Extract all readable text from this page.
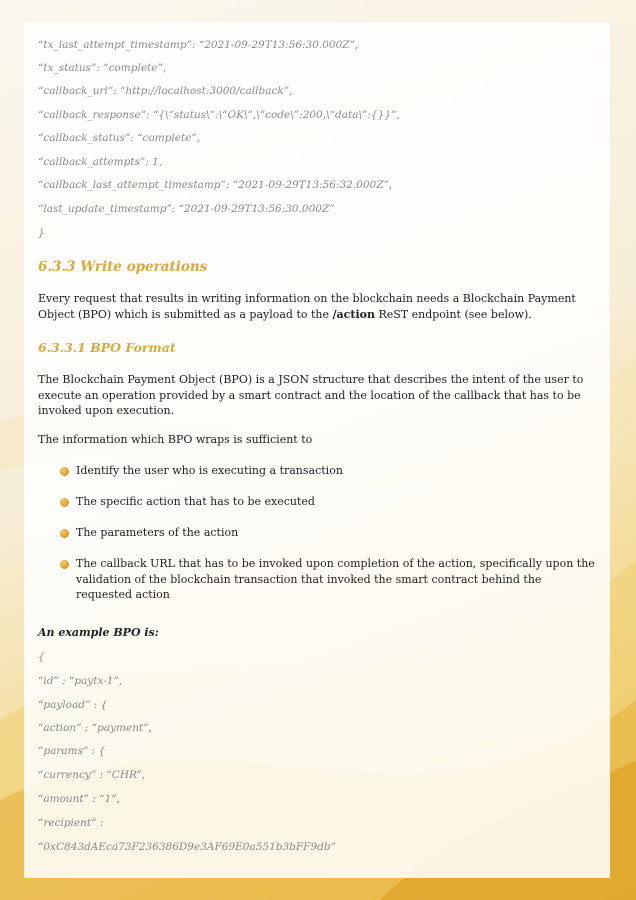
“tx_last_attempt_timestamp”: “2021-09-29T13:56:30.000Z”,

“tx_status”: “complete”,

“callback_url”: “http://localhost:3000/callback”,

“callback_response”: “{\“status\”:\“OK\”,\“code\”:200,\“data\”:{}}”,

“callback_status”: “complete”,

“callback_attempts”: 1,

“callback_last_attempt_timestamp”: “2021-09-29T13:56:32.000Z”,

“last_update_timestamp”: “2021-09-29T13:56:30.000Z”

}

6.3.3 Write operations

Every request that results in writing information on the blockchain needs a Blockchain Payment Object (BPO) which is submitted as a payload to the /action ReST endpoint (see below).

6.3.3.1 BPO Format

The Blockchain Payment Object (BPO) is a JSON structure that describes the intent of the user to execute an operation provided by a smart contract and the location of the callback that has to be invoked upon execution.

The information which BPO wraps is sufficient to

Identify the user who is executing a transaction
The specific action that has to be executed
The parameters of the action
The callback URL that has to be invoked upon completion of the action, specifically upon the validation of the blockchain transaction that invoked the smart contract behind the requested action

An example BPO is:

{

“id” : “paytx-1”,

“payload” : {

“action” : “payment”,

“params” : {

“currency” : “CHR”,

“amount” : “1”,

“recipient” :

“0xC843dAEca73F236386D9e3AF69E0a551b3bFF9db”
